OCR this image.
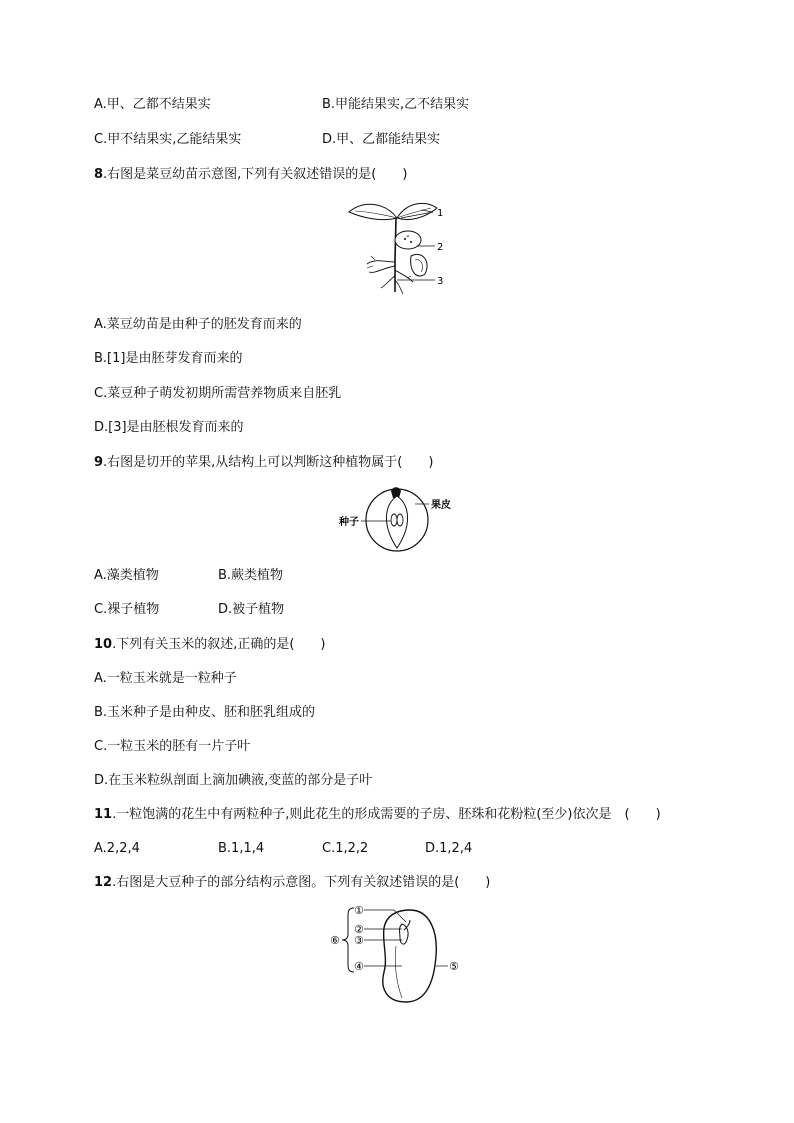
A.甲、乙都不结果实	B.甲能结果实,乙不结果实
C.甲不结果实,乙能结果实	D.甲、乙都能结果实
8.右图是菜豆幼苗示意图,下列有关叙述错误的是(　　)
1
2
3
A.菜豆幼苗是由种子的胚发育而来的
B.[1]是由胚芽发育而来的
C.菜豆种子萌发初期所需营养物质来自胚乳
D.[3]是由胚根发育而来的
9.右图是切开的苹果,从结构上可以判断这种植物属于(　　)
种子
果皮
A.藻类植物	B.蕨类植物
C.裸子植物	D.被子植物
10.下列有关玉米的叙述,正确的是(　　)
A.一粒玉米就是一粒种子
B.玉米种子是由种皮、胚和胚乳组成的
C.一粒玉米的胚有一片子叶
D.在玉米粒纵剖面上滴加碘液,变蓝的部分是子叶
11.一粒饱满的花生中有两粒种子,则此花生的形成需要的子房、胚珠和花粉粒(至少)依次是　(　　)
A.2,2,4	B.1,1,4	C.1,2,2	D.1,2,4
12.右图是大豆种子的部分结构示意图。下列有关叙述错误的是(　　)
①
②
③
④	⑤
⑥
